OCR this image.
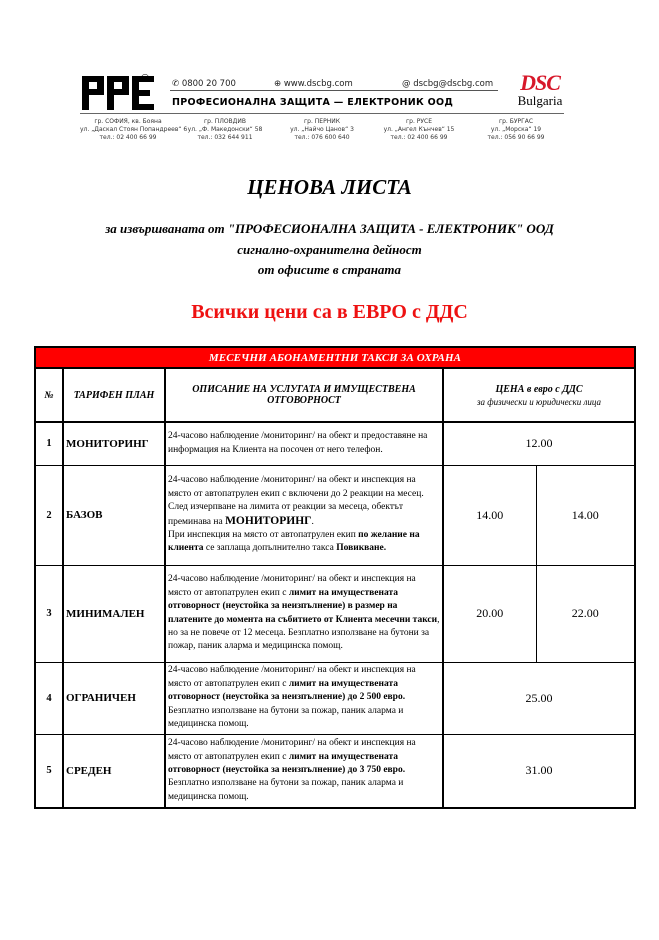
®	✆ 0800 20 700	⊕ www.dscbg.com	@ dscbg@dscbg.com
ПРОФЕСИОНАЛНА ЗАЩИТА — ЕЛЕКТРОНИК ООД
DSC
Bulgaria
гр. СОФИЯ, кв. Бояна
ул. „Даскал Стоян Попандреев“ 6
тел.: 02 400 66 99
гр. ПЛОВДИВ
ул. „Ф. Македонски“ 58
тел.: 032 644 911
гр. ПЕРНИК
ул. „Найчо Цанов“ 3
тел.: 076 600 640
гр. РУСЕ
ул. „Ангел Кънчев“ 15
тел.: 02 400 66 99
гр. БУРГАС
ул. „Морска“ 19
тел.: 056 90 66 99
ЦЕНОВА ЛИСТА
за извършваната от "ПРОФЕСИОНАЛНА ЗАЩИТА - ЕЛЕКТРОНИК" ООД
сигнално-охранителна дейност
от офисите в страната
Всички цени са в ЕВРО с ДДС
МЕСЕЧНИ АБОНАМЕНТНИ ТАКСИ ЗА ОХРАНА				
№	ТАРИФЕН ПЛАН	ОПИСАНИЕ НА УСЛУГАТА И ИМУЩЕСТВЕНА ОТГОВОРНОСТ	ЦЕНА в евро с ДДС
за физически и юридически лица	

1	МОНИТОРИНГ	24-часово наблюдение /мониторинг/ на обект и предоставяне на информация на Клиента на посочен от него телефон.	12.00	
2	БАЗОВ	24-часово наблюдение /мониторинг/ на обект и инспекция на място от автопатрулен екип с включени до 2 реакции на месец.
След изчерпване на лимита от реакции за месеца, обектът преминава на МОНИТОРИНГ.
При инспекция на място от автопатрулен екип по желание на клиента се заплаща допълнително такса Повикване.	14.00	14.00
3	МИНИМАЛЕН	24-часово наблюдение /мониторинг/ на обект и инспекция на място от автопатрулен екип с лимит на имуществената отговорност (неустойка за неизпълнение) в размер на платените до момента на събитието от Клиента месечни такси, но за не повече от 12 месеца. Безплатно използване на бутони за пожар, паник аларма и медицинска помощ.	20.00	22.00
4	ОГРАНИЧЕН	24-часово наблюдение /мониторинг/ на обект и инспекция на място от автопатрулен екип с лимит на имуществената отговорност (неустойка за неизпълнение) до 2 500 евро. Безплатно използване на бутони за пожар, паник аларма и медицинска помощ.	25.00	
5	СРЕДЕН	24-часово наблюдение /мониторинг/ на обект и инспекция на място от автопатрулен екип с лимит на имуществената отговорност (неустойка за неизпълнение) до 3 750 евро. Безплатно използване на бутони за пожар, паник аларма и медицинска помощ.	31.00	
